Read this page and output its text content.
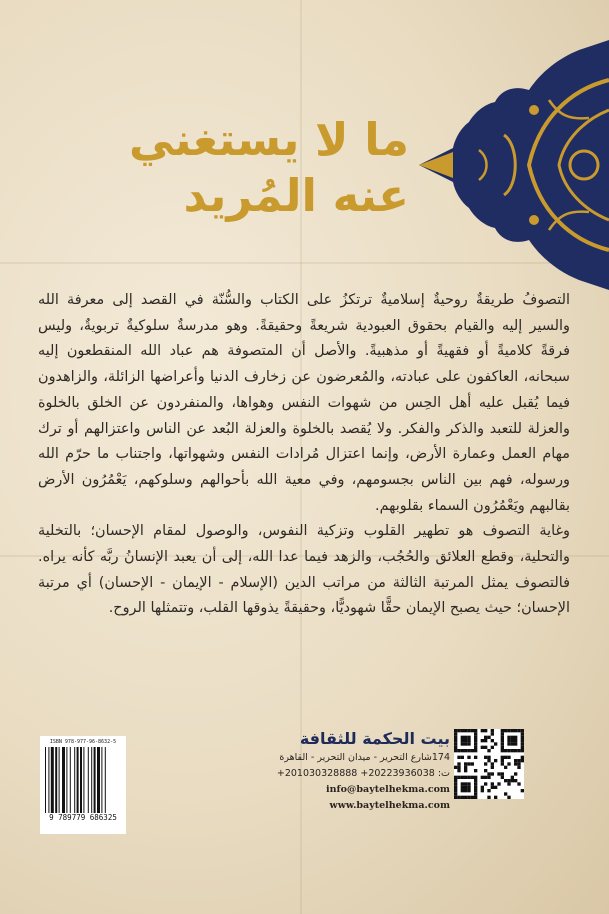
ما لا يستغني
عنه المُريد

التصوفُ طريقةٌ روحيةٌ إسلاميةٌ ترتكزُ على الكتاب والسُّنّة في القصد إلى معرفة الله والسير إليه والقيام بحقوق العبودية شريعةً وحقيقةً. وهو مدرسةٌ سلوكيةٌ تربويةٌ، وليس فرقةً كلاميةً أو فقهيةً أو مذهبيةً. والأصل أن المتصوفة هم عباد الله المنقطعون إليه سبحانه، العاكفون على عبادته، والمُعرضون عن زخارف الدنيا وأعراضها الزائلة، والزاهدون فيما يُقبل عليه أهل الحِس من شهوات النفس وهواها، والمنفردون عن الخلق بالخلوة والعزلة للتعبد والذكر والفكر. ولا يُقصد بالخلوة والعزلة البُعد عن الناس واعتزالهم أو ترك مهام العمل وعمارة الأرض، وإنما اعتزال مُرادات النفس وشهواتها، واجتناب ما حرّم الله ورسوله، فهم بين الناس بجسومهم، وفي معية الله بأحوالهم وسلوكهم، يَعْمُرُون الأرض بقالبهم ويَعْمُرُون السماء بقلوبهم.

وغاية التصوف هو تطهير القلوب وتزكية النفوس، والوصول لمقام الإحسان؛ بالتخلية والتحلية، وقطع العلائق والحُجُب، والزهد فيما عدا الله، إلى أن يعبد الإنسانُ ربَّه كأنه يراه. فالتصوف يمثل المرتبة الثالثة من مراتب الدين (الإسلام - الإيمان - الإحسان) أي مرتبة الإحسان؛ حيث يصبح الإيمان حقًّا شهوديًّا، وحقيقةً يذوقها القلب، وتتمثلها الروح.

ISBN 978-977-96-8632-5
9 789779 686325
بيت الحكمة للثقافة
174شارع التحرير - ميدان التحرير - القاهرة
ت: 20223936038+ 201030328888+
info@baytelhekma.com
www.baytelhekma.com
